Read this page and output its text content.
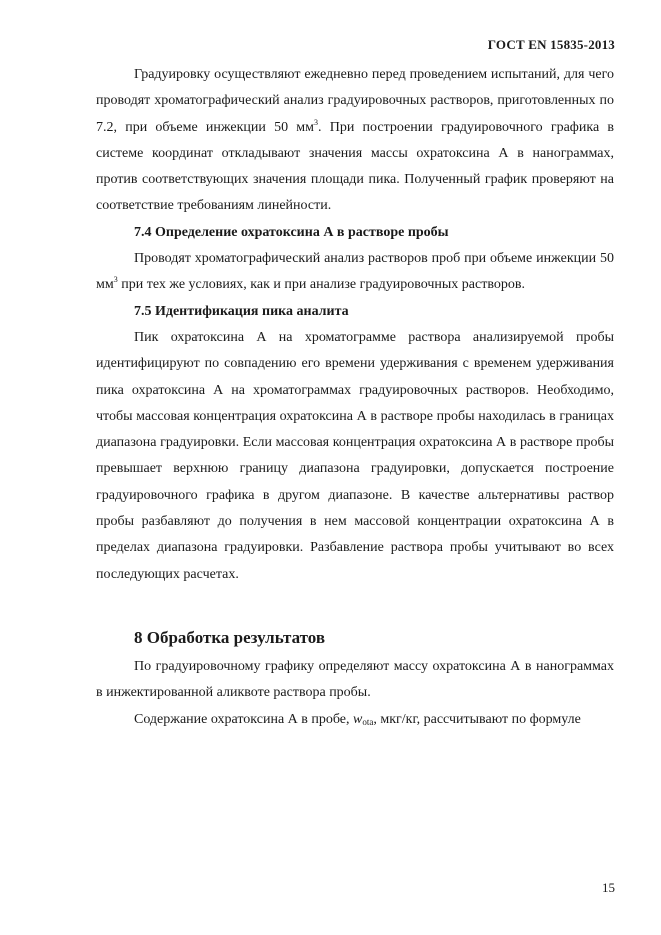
ГОСТ EN 15835-2013

Градуировку осуществляют ежедневно перед проведением испытаний, для чего проводят хроматографический анализ градуировочных растворов, приготовленных по 7.2, при объеме инжекции 50 $мм^3$. При построении градуировочного графика в системе координат откладывают значения массы охратоксина А в нанограммах, против соответствующих значения площади пика. Полученный график проверяют на соответствие требованиям линейности.

7.4 Определение охратоксина А в растворе пробы

Проводят хроматографический анализ растворов проб при объеме инжекции 50 $мм^3$ при тех же условиях, как и при анализе градуировочных растворов.

7.5 Идентификация пика аналита

Пик охратоксина А на хроматограмме раствора анализируемой пробы идентифицируют по совпадению его времени удерживания с временем удерживания пика охратоксина А на хроматограммах градуировочных растворов. Необходимо, чтобы массовая концентрация охратоксина А в растворе пробы находилась в границах диапазона градуировки. Если массовая концентрация охратоксина А в растворе пробы превышает верхнюю границу диапазона градуировки, допускается построение градуировочного графика в другом диапазоне. В качестве альтернативы раствор пробы разбавляют до получения в нем массовой концентрации охратоксина А в пределах диапазона градуировки. Разбавление раствора пробы учитывают во всех последующих расчетах.

8 Обработка результатов

По градуировочному графику определяют массу охратоксина А в нанограммах в инжектированной аликвоте раствора пробы.

Содержание охратоксина А в пробе, $w_{ota}$, мкг/кг, рассчитывают по формуле

15
